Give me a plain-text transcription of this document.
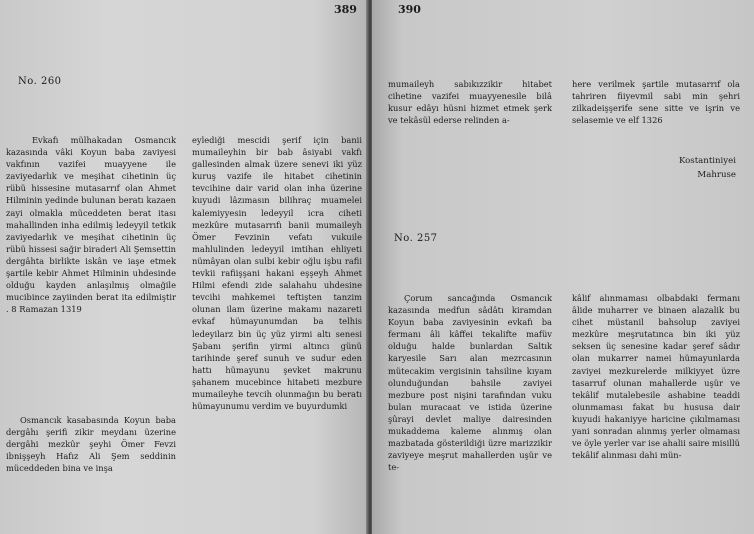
389
No. 260

Evkafı mülhakadan Osmancık kazasında vâki Koyun baba zaviyesi vakfının vazifei muayyene ile zaviyedarlık ve meşihat cihetinin üç rübü hissesine mutasarrıf olan Ahmet Hilminin yedinde bulunan beratı kazaen zayi olmakla müceddeten berat itası mahallinden inha edilmiş ledeyyil tetkik zaviyedarlık ve meşihat cihetinin üç rübü hissesi sağir biraderi Ali Şemsettin dergâhta birlikte iskân ve iaşe etmek şartile kebir Ahmet Hilminin uhdesinde olduğu kayden anlaşılmış olmağile mucibince zayiinden berat ita edilmiştir . 8 Ramazan 1319

Osmancık kasabasında Koyun baba dergâhı şerifi zikir meydanı üzerine dergâhi mezkûr şeyhi Ömer Fevzi ibnişşeyh Hafız Ali Şem seddinin müceddeden bina ve inşa

eylediği mescidi şerif için banii mumaileyhin bir bab âsiyabi vakfı gallesinden almak üzere senevi iki yüz kuruş vazife ile hitabet cihetinin tevcihine dair varid olan inha üzerine kuyudi lâzımasın bilihraç muamelei kalemiyyesin ledeyyil icra ciheti mezkûre mutasarrıfı banii mumaileyh Ömer Fevzinin vefatı vukuile mahlulinden ledeyyil imtihan ehliyeti nümâyan olan sulbi kebir oğlu işbu rafii tevkii rafiişşani hakani eşşeyh Ahmet Hilmi efendi zide salahahu uhdesine tevcihi mahkemei teftişten tanzim olunan ilam üzerine makamı nazareti evkaf hümayunumdan ba telhis ledeyilarz bin üç yüz yirmi altı senesi Şabanı şerifin yirmi altıncı günü tarihinde şeref sunuh ve sudur eden hattı hümayunu şevket makrunu şahanem mucebince hitabeti mezbure mumaileyhe tevcih olunmağın bu beratı hümayunumu verdim ve buyurdumki

390

mumaileyh sabıkızzikir hitabet cihetine vazifei muayyenesile bilâ kusur edâyı hüsni hizmet etmek şerk ve tekâsül ederse relinden a-

here verilmek şartile mutasarrıf ola tahriren fiiyevmil sabi min şehri zilkadeişşerife sene sitte ve işrin ve selasemie ve elf 1326

Kostantiniyei
Mahruse
No. 257

Çorum sancağında Osmancık kazasında medfun sâdâtı kiramdan Koyun baba zaviyesinin evkafı ba fermanı âli kâffei tekalifte mafüv olduğu halde bunlardan Saltık karyesile Sarı alan mezrcasının mütecakim vergisinin tahsiline kıyam olunduğundan bahsile zaviyei mezbure post nişini tarafından vuku bulan muracaat ve istida üzerine şûrayi devlet maliye dairesinden mukaddema kaleme alınmış olan mazbatada gösterildiği üzre marizzikir zaviyeye meşrut mahallerden uşür ve te-

kâlif alınmaması olbabdaki fermanı âlide muharrer ve binaen alazalik bu cihet müstanil bahsolup zaviyei mezkûre meşrutatınca bin iki yüz seksen üç senesine kadar şeref sâdır olan mukarrer namei hümayunlarda zaviyei mezkurelerde milkiyyet üzre tasarruf olunan mahallerde uşür ve tekâlif mutalebesile ashabine teaddi olunmaması fakat bu hususa dair kuyudi hakaniyye haricine çıkılmaması yani sonradan alınmış yerler olmaması ve öyle yerler var ise ahalii saire misillü tekâlif alınması dahi mün-
